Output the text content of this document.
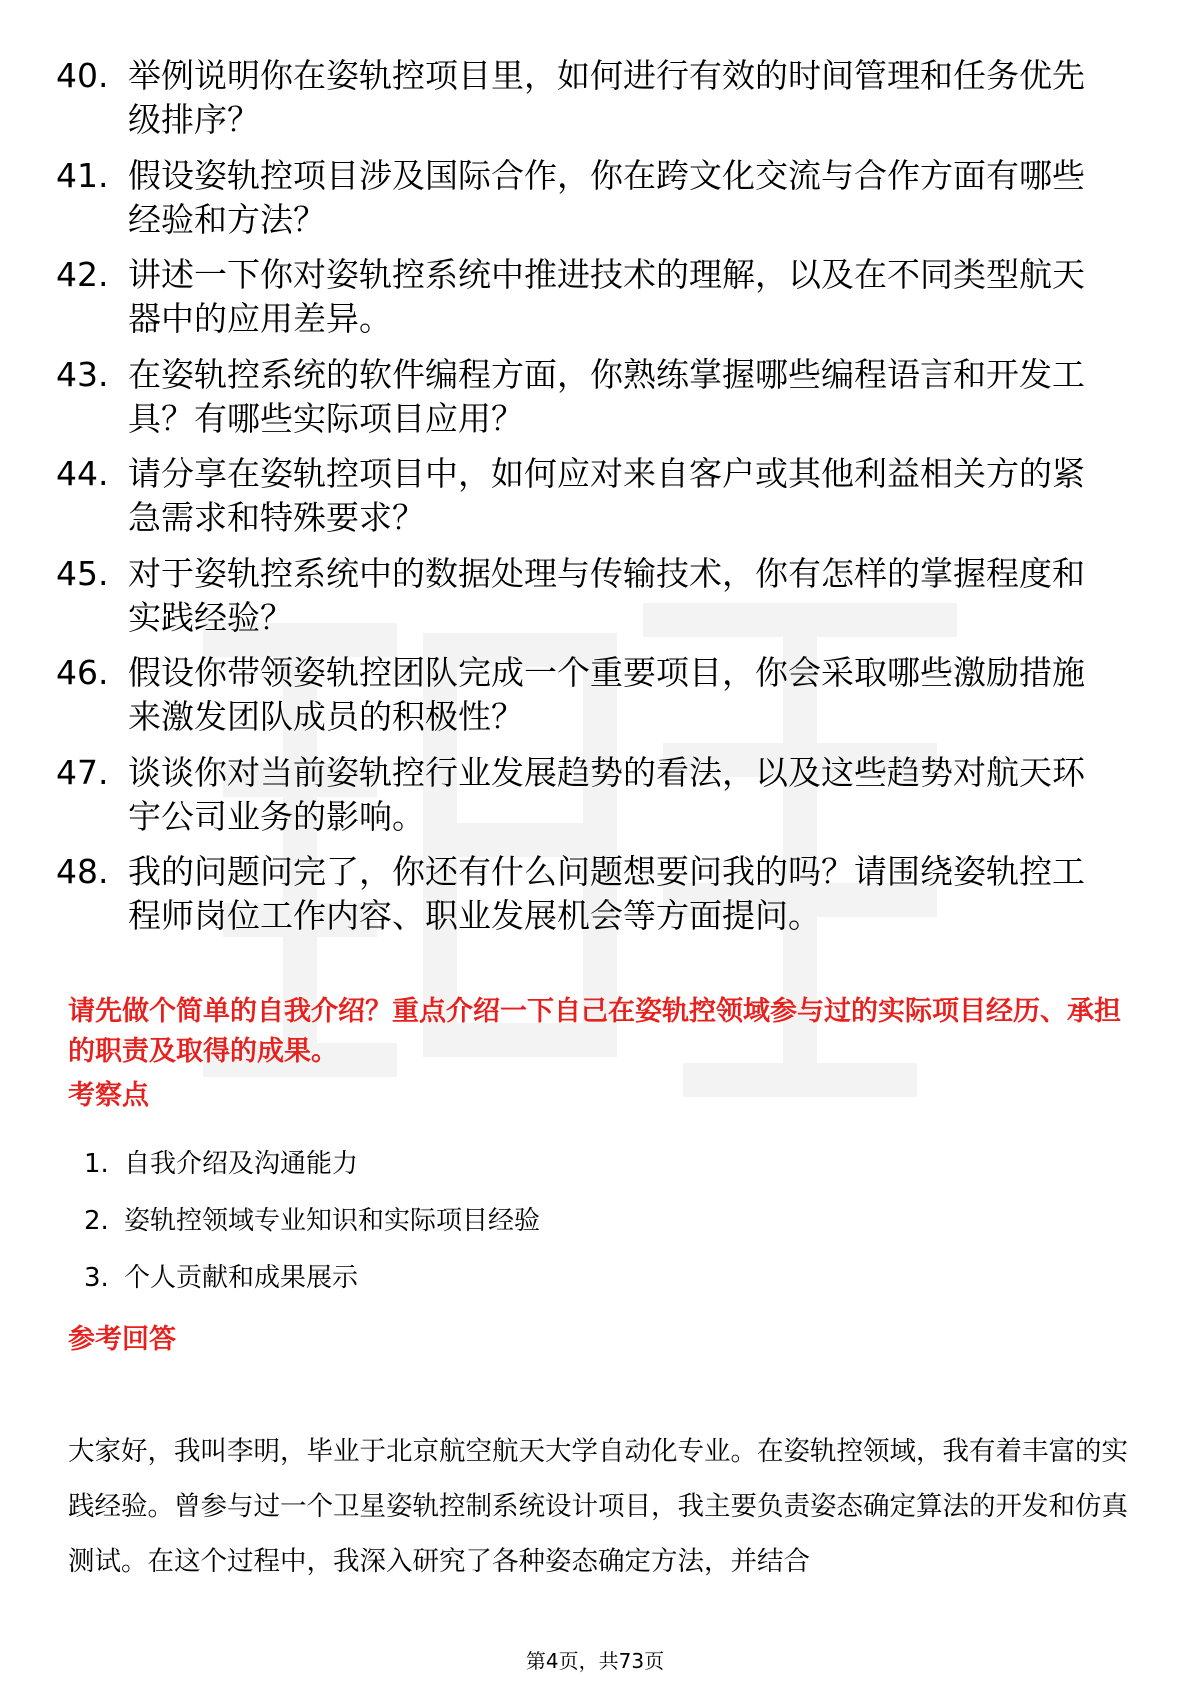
40. 举例说明你在姿轨控项目里，如何进行有效的时间管理和任务优先级排序？
41. 假设姿轨控项目涉及国际合作，你在跨文化交流与合作方面有哪些经验和方法？
42. 讲述一下你对姿轨控系统中推进技术的理解，以及在不同类型航天器中的应用差异。
43. 在姿轨控系统的软件编程方面，你熟练掌握哪些编程语言和开发工具？有哪些实际项目应用？
44. 请分享在姿轨控项目中，如何应对来自客户或其他利益相关方的紧急需求和特殊要求？
45. 对于姿轨控系统中的数据处理与传输技术，你有怎样的掌握程度和实践经验？
46. 假设你带领姿轨控团队完成一个重要项目，你会采取哪些激励措施来激发团队成员的积极性？
47. 谈谈你对当前姿轨控行业发展趋势的看法，以及这些趋势对航天环宇公司业务的影响。
48. 我的问题问完了，你还有什么问题想要问我的吗？请围绕姿轨控工程师岗位工作内容、职业发展机会等方面提问。

请先做个简单的自我介绍？重点介绍一下自己在姿轨控领域参与过的实际项目经历、承担的职责及取得的成果。

考察点
1. 自我介绍及沟通能力
2. 姿轨控领域专业知识和实际项目经验
3. 个人贡献和成果展示
参考回答

大家好，我叫李明，毕业于北京航空航天大学自动化专业。在姿轨控领域，我有着丰富的实践经验。曾参与过一个卫星姿轨控制系统设计项目，我主要负责姿态确定算法的开发和仿真测试。在这个过程中，我深入研究了各种姿态确定方法，并结合

第4页，共73页
